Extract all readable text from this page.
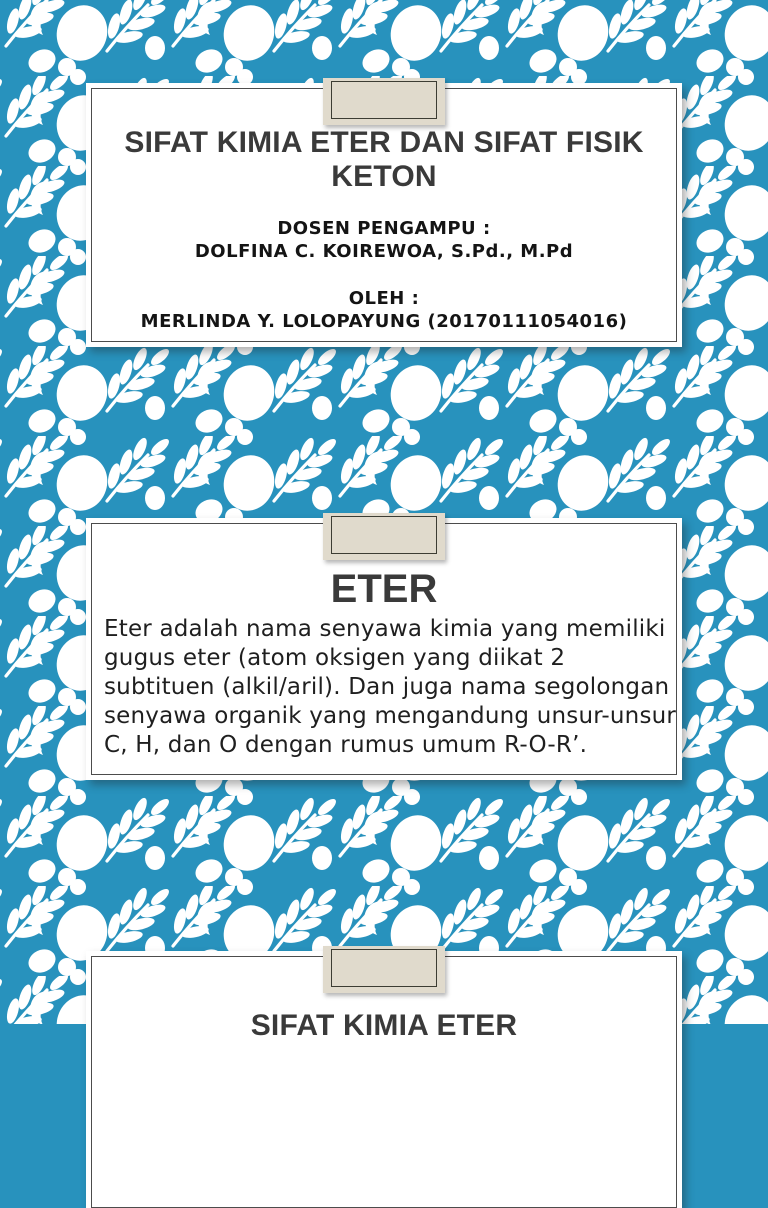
SIFAT KIMIA ETER DAN SIFAT FISIK KETON
DOSEN PENGAMPU :
DOLFINA C. KOIREWOA, S.Pd., M.Pd
OLEH :
MERLINDA Y. LOLOPAYUNG (20170111054016)
ETER
Eter adalah nama senyawa kimia yang memiliki
gugus eter (atom oksigen yang diikat 2
subtituen (alkil/aril). Dan juga nama segolongan
senyawa organik yang mengandung unsur-unsur
C, H, dan O dengan rumus umum R-O-R’.
SIFAT KIMIA ETER
